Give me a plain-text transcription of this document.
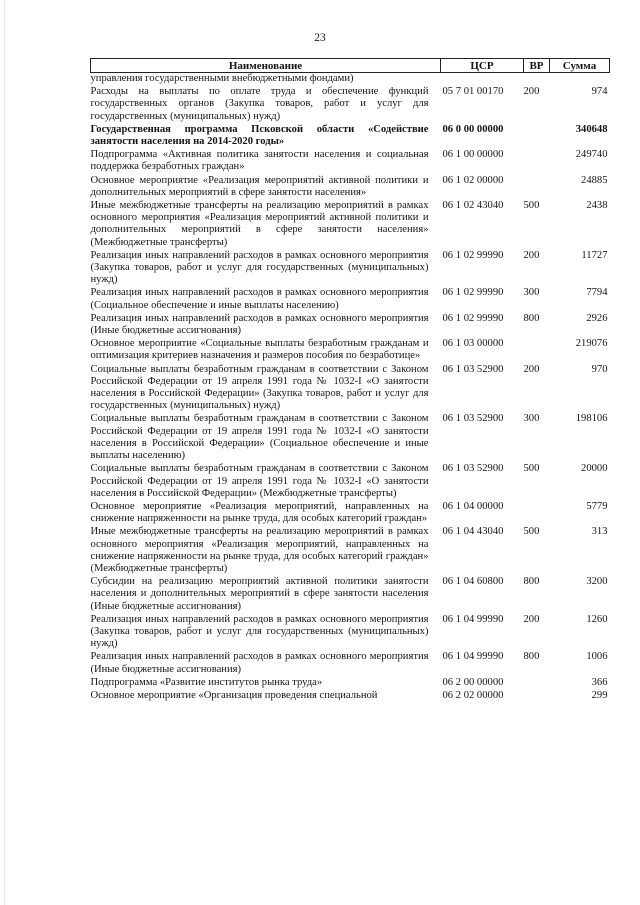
23
Наименование	ЦСР	ВР	Сумма
управления государственными внебюджетными фондами)			
Расходы на выплаты по оплате труда и обеспечение функций государственных органов (Закупка товаров, работ и услуг для государственных (муниципальных) нужд)	05 7 01 00170	200	974
Государственная программа Псковской области «Содействие занятости населения на 2014-2020 годы»	06 0 00 00000		340648
Подпрограмма «Активная политика занятости населения и социальная поддержка безработных граждан»	06 1 00 00000		249740
Основное мероприятие «Реализация мероприятий активной политики и дополнительных мероприятий в сфере занятости населения»	06 1 02 00000		24885
Иные межбюджетные трансферты на реализацию мероприятий в рамках основного мероприятия «Реализация мероприятий активной политики и дополнительных мероприятий в сфере занятости населения» (Межбюджетные трансферты)	06 1 02 43040	500	2438
Реализация иных направлений расходов в рамках основного мероприятия (Закупка товаров, работ и услуг для государственных (муниципальных) нужд)	06 1 02 99990	200	11727
Реализация иных направлений расходов в рамках основного мероприятия (Социальное обеспечение и иные выплаты населению)	06 1 02 99990	300	7794
Реализация иных направлений расходов в рамках основного мероприятия (Иные бюджетные ассигнования)	06 1 02 99990	800	2926
Основное мероприятие «Социальные выплаты безработным гражданам и оптимизация критериев назначения и размеров пособия по безработице»	06 1 03 00000		219076
Социальные выплаты безработным гражданам в соответствии с Законом Российской Федерации от 19 апреля 1991 года № 1032-I «О занятости населения в Российской Федерации» (Закупка товаров, работ и услуг для государственных (муниципальных) нужд)	06 1 03 52900	200	970
Социальные выплаты безработным гражданам в соответствии с Законом Российской Федерации от 19 апреля 1991 года № 1032-I «О занятости населения в Российской Федерации» (Социальное обеспечение и иные выплаты населению)	06 1 03 52900	300	198106
Социальные выплаты безработным гражданам в соответствии с Законом Российской Федерации от 19 апреля 1991 года № 1032-I «О занятости населения в Российской Федерации» (Межбюджетные трансферты)	06 1 03 52900	500	20000
Основное мероприятие «Реализация мероприятий, направленных на снижение напряженности на рынке труда, для особых категорий граждан»	06 1 04 00000		5779
Иные межбюджетные трансферты на реализацию мероприятий в рамках основного мероприятия «Реализация мероприятий, направленных на снижение напряженности на рынке труда, для особых категорий граждан» (Межбюджетные трансферты)	06 1 04 43040	500	313
Субсидии на реализацию мероприятий активной политики занятости населения и дополнительных мероприятий в сфере занятости населения (Иные бюджетные ассигнования)	06 1 04 60800	800	3200
Реализация иных направлений расходов в рамках основного мероприятия (Закупка товаров, работ и услуг для государственных (муниципальных) нужд)	06 1 04 99990	200	1260
Реализация иных направлений расходов в рамках основного мероприятия (Иные бюджетные ассигнования)	06 1 04 99990	800	1006
Подпрограмма «Развитие институтов рынка труда»	06 2 00 00000		366
Основное мероприятие «Организация проведения специальной	06 2 02 00000		299
